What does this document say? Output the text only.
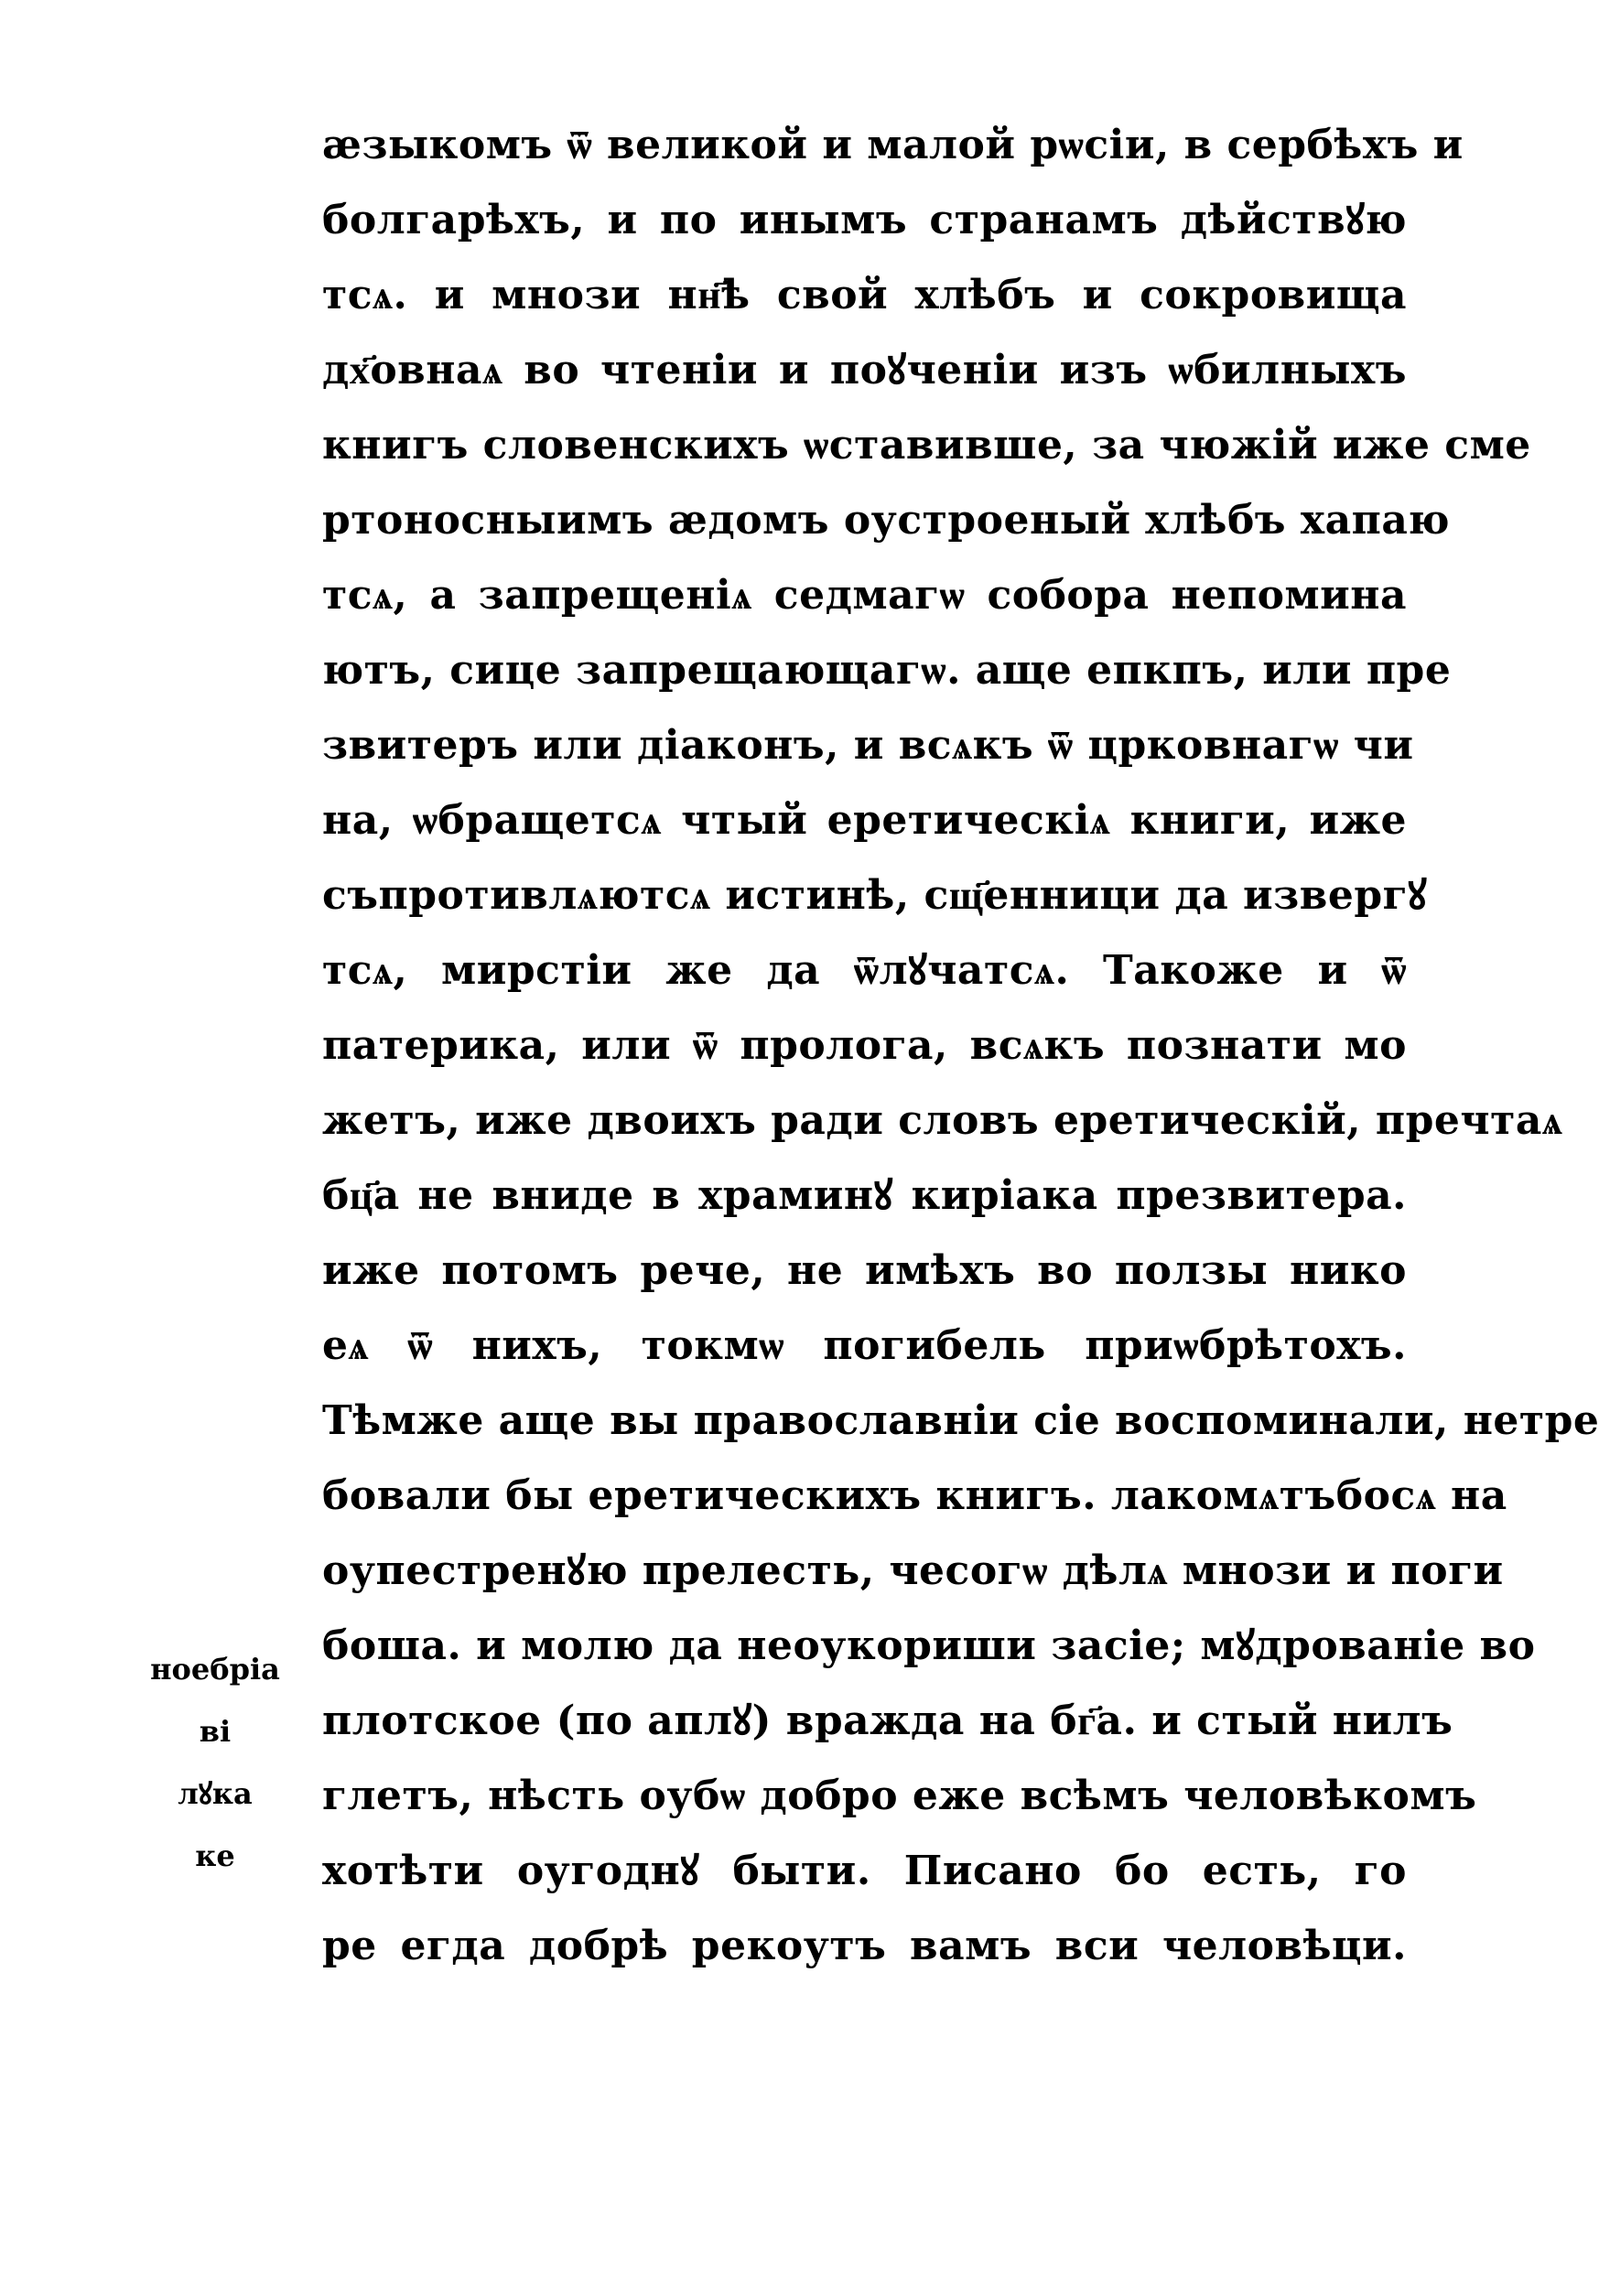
ӕзыкомъ ѿ великой и малой рѡсіи, в сербѣхъ и
болгарѣхъ, и по инымъ странамъ дѣйствꙋю
тсѧ. и мнози нн҃ѣ свой хлѣбъ и сокровища
дх҃овнаѧ во чтеніи и поꙋченіи изъ ѡбилныхъ
книгъ словенскихъ ѡставивше, за чюжій иже сме
ртоносныимъ ӕдомъ оустроеный хлѣбъ хапаю
тсѧ, а запрещеніѧ седмагѡ собора непомина
ютъ, сице запрещающагѡ. аще епкпъ, или пре
звитеръ или діаконъ, и всѧкъ ѿ црковнагѡ чи
на, ѡбращетсѧ чтый еретическіѧ книги, иже
съпротивлѧютсѧ истинѣ, сщ҃енници да извергꙋ
тсѧ, мирстіи же да ѿлꙋчатсѧ. Такоже и ѿ
патерика, или ѿ пролога, всѧкъ познати мо
жетъ, иже двоихъ ради словъ еретическій, пречтаѧ
бц҃а не вниде в храминꙋ киріака презвитера.
иже потомъ рече, не имѣхъ во ползы нико
еѧ ѿ нихъ, токмѡ погибель приѡбрѣтохъ.
Тѣмже аще вы православніи сіе воспоминали, нетре
бовали бы еретическихъ книгъ. лакомѧтъбосѧ на
оупестренꙋю прелесть, чесогѡ дѣлѧ мнози и поги
боша. и молю да неоукориши засіе; мꙋдрованіе во
плотское (по аплꙋ) вражда на бг҃а. и стый нилъ
глетъ, нѣсть оубѡ добро еже всѣмъ человѣкомъ
хотѣти оугоднꙋ быти. Писано бо есть, го
ре егда добрѣ рекоутъ вамъ вси человѣци.
ноебріа
ві
лꙋка
ке
